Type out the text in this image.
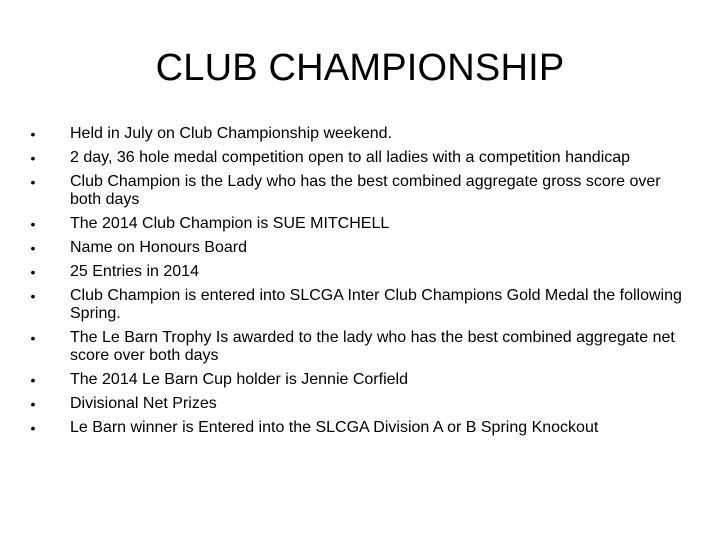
CLUB CHAMPIONSHIP
• Held in July on Club Championship weekend.
• 2 day, 36 hole medal competition open to all ladies with a competition handicap
• Club Champion is the Lady who has the best combined aggregate gross score over both days
• The 2014 Club Champion is SUE MITCHELL
• Name on Honours Board
• 25 Entries in 2014
• Club Champion is entered into SLCGA Inter Club Champions Gold Medal the following Spring.
• The Le Barn Trophy Is awarded to the lady who has the best combined aggregate net score over both days
• The 2014 Le Barn Cup holder is Jennie Corfield
• Divisional Net Prizes
• Le Barn winner is Entered into the SLCGA Division A or B Spring Knockout
